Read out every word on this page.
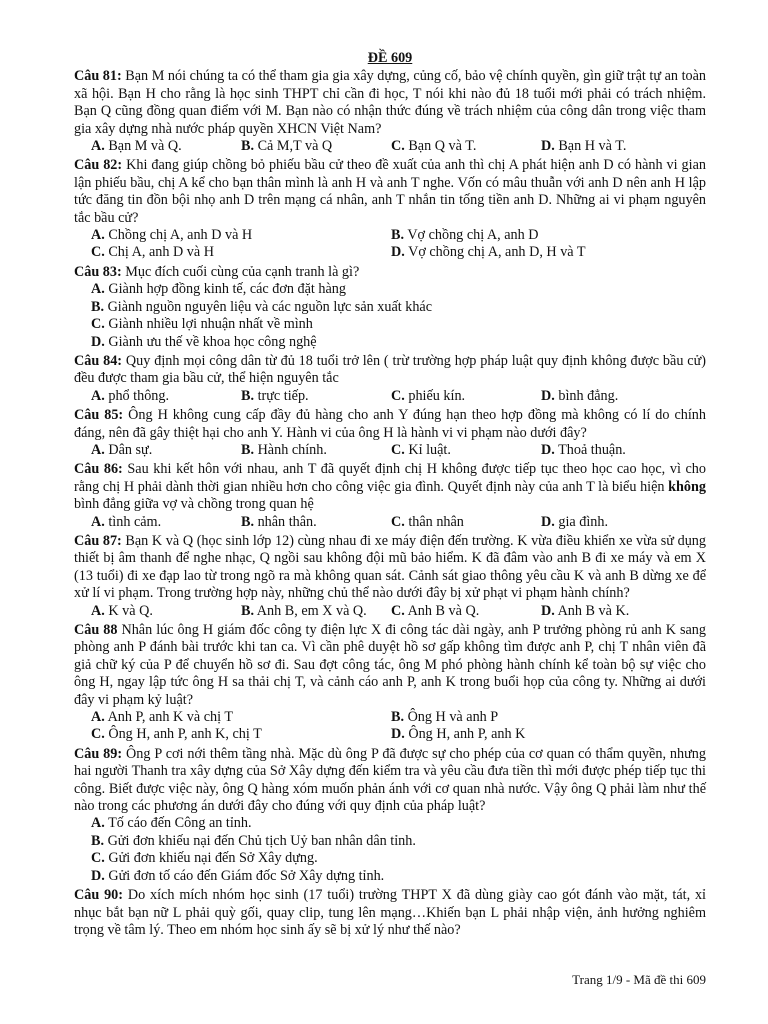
ĐỀ 609
Câu 81: Bạn M nói chúng ta có thể tham gia gia xây dựng, củng cố, bảo vệ chính quyền, gìn giữ trật tự an toàn xã hội. Bạn H cho rằng là học sinh THPT chỉ cần đi học, T nói khi nào đủ 18 tuổi mới phải có trách nhiệm. Bạn Q cũng đồng quan điểm với M. Bạn nào có nhận thức đúng về trách nhiệm của công dân trong việc tham gia xây dựng nhà nước pháp quyền XHCN Việt Nam?
A. Bạn M và Q.	B. Cả M,T và Q	C. Bạn Q và T.	D. Bạn H và T.
Câu 82: Khi đang giúp chồng bỏ phiếu bầu cử theo đề xuất của anh thì chị A phát hiện anh D có hành vi gian lận phiếu bầu, chị A kể cho bạn thân mình là anh H và anh T nghe. Vốn có mâu thuẫn với anh D nên anh H lập tức đăng tin đồn bội nhọ anh D trên mạng cá nhân, anh T nhắn tin tống tiền anh D. Những ai vi phạm nguyên tắc bầu cử?
A. Chồng chị A, anh D và H	B. Vợ chồng chị A, anh D
C. Chị A, anh D và H	D. Vợ chồng chị A, anh D, H và T
Câu 83: Mục đích cuối cùng của cạnh tranh là gì?
A. Giành hợp đồng kinh tế, các đơn đặt hàng
B. Giành nguồn nguyên liệu và các nguồn lực sản xuất khác
C. Giành nhiều lợi nhuận nhất về mình
D. Giành ưu thế về khoa học công nghệ
Câu 84: Quy định mọi công dân từ đủ 18 tuổi trở lên ( trừ trường hợp pháp luật quy định không được bầu cử) đều được tham gia bầu cử, thể hiện nguyên tắc
A. phổ thông.	B. trực tiếp.	C. phiếu kín.	D. bình đẳng.
Câu 85: Ông H không cung cấp đầy đủ hàng cho anh Y đúng hạn theo hợp đồng mà không có lí do chính đáng, nên đã gây thiệt hại cho anh Y. Hành vi của ông H là hành vi vi phạm nào dưới đây?
A. Dân sự.	B. Hành chính.	C. Kỉ luật.	D. Thoả thuận.
Câu 86: Sau khi kết hôn với nhau, anh T đã quyết định chị H không được tiếp tục theo học cao học, vì cho rằng chị H phải dành thời gian nhiều hơn cho công việc gia đình. Quyết định này của anh T là biểu hiện không bình đẳng giữa vợ và chồng trong quan hệ
A. tình cảm.	B. nhân thân.	C. thân nhân	D. gia đình.
Câu 87: Bạn K và Q (học sinh lớp 12) cùng nhau đi xe máy điện đến trường. K vừa điều khiển xe vừa sử dụng thiết bị âm thanh để nghe nhạc, Q ngồi sau không đội mũ bảo hiểm. K đã đâm vào anh B đi xe máy và em X (13 tuổi) đi xe đạp lao từ trong ngõ ra mà không quan sát. Cảnh sát giao thông yêu cầu K và anh B dừng xe để xử lí vi phạm. Trong trường hợp này, những chủ thể nào dưới đây bị xử phạt vi phạm hành chính?
A. K và Q.	B. Anh B, em X và Q.	C. Anh B và Q.	D. Anh B và K.
Câu 88 Nhân lúc ông H giám đốc công ty điện lực X đi công tác dài ngày, anh P trưởng phòng rủ anh K sang phòng anh P đánh bài trước khi tan ca. Vì cần phê duyệt hồ sơ gấp không tìm được anh P, chị T nhân viên đã giả chữ ký của P để chuyển hồ sơ đi. Sau đợt công tác, ông M phó phòng hành chính kể toàn bộ sự việc cho ông H, ngay lập tức ông H sa thải chị T, và cảnh cáo anh P, anh K trong buổi họp của công ty. Những ai dưới đây vi phạm kỷ luật?
A. Anh P, anh K và chị T	B. Ông H và anh P
C. Ông H, anh P, anh K, chị T	D. Ông H, anh P, anh K
Câu 89: Ông P cơi nới thêm tầng nhà. Mặc dù ông P đã được sự cho phép của cơ quan có thẩm quyền, nhưng hai người Thanh tra xây dựng của Sở Xây dựng đến kiểm tra và yêu cầu đưa tiền thì mới được phép tiếp tục thi công. Biết được việc này, ông Q hàng xóm muốn phản ánh với cơ quan nhà nước. Vậy ông Q phải làm như thế nào trong các phương án dưới đây cho đúng với quy định của pháp luật?
A. Tố cáo đến Công an tỉnh.
B. Gửi đơn khiếu nại đến Chủ tịch Uỷ ban nhân dân tỉnh.
C. Gửi đơn khiếu nại đến Sở Xây dựng.
D. Gửi đơn tố cáo đến Giám đốc Sở Xây dựng tỉnh.
Câu 90: Do xích mích nhóm học sinh (17 tuổi) trường THPT X đã dùng giày cao gót đánh vào mặt, tát, xỉ nhục bắt bạn nữ L phải quỳ gối, quay clip, tung lên mạng…Khiến bạn L phải nhập viện, ảnh hưởng nghiêm trọng về tâm lý. Theo em nhóm học sinh ấy sẽ bị xử lý như thế nào?
Trang 1/9 - Mã đề thi 609
